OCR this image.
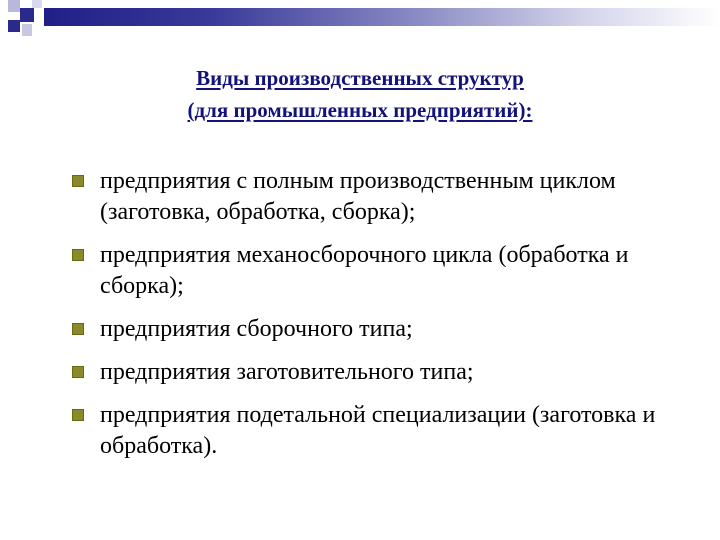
Виды производственных структур
(для промышленных предприятий):
предприятия с полным производственным циклом (заготовка, обработка, сборка);
предприятия механосборочного цикла (обработка и сборка);
предприятия сборочного типа;
предприятия заготовительного типа;
предприятия подетальной специализации (заготовка и обработка).
